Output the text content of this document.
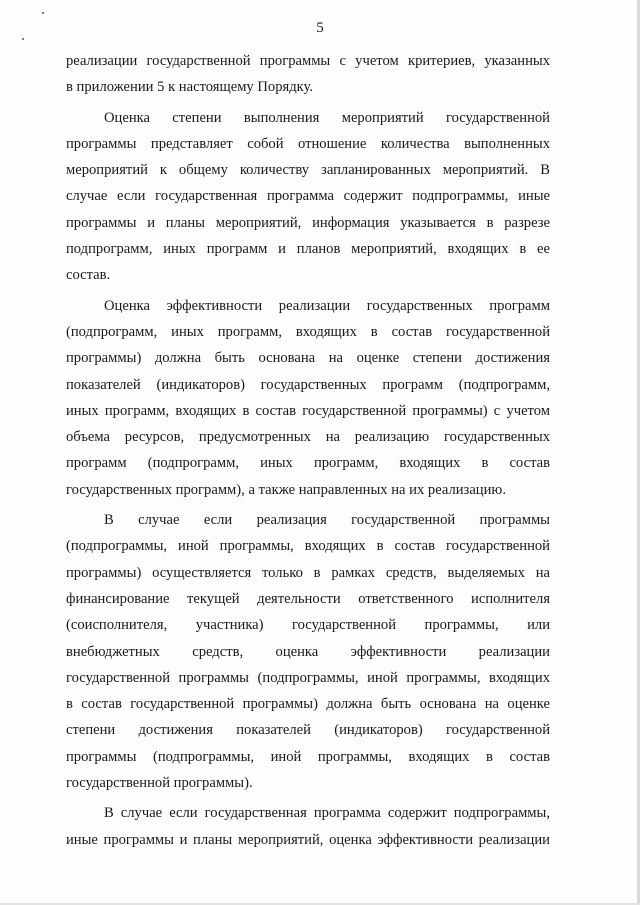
5
реализации государственной программы с учетом критериев, указанных
в приложении 5 к настоящему Порядку.
Оценка степени выполнения мероприятий государственной
программы представляет собой отношение количества выполненных
мероприятий к общему количеству запланированных мероприятий. В
случае если государственная программа содержит подпрограммы, иные
программы и планы мероприятий, информация указывается в разрезе
подпрограмм, иных программ и планов мероприятий, входящих в ее
состав.
Оценка эффективности реализации государственных программ
(подпрограмм, иных программ, входящих в состав государственной
программы) должна быть основана на оценке степени достижения
показателей (индикаторов) государственных программ (подпрограмм,
иных программ, входящих в состав государственной программы) с учетом
объема ресурсов, предусмотренных на реализацию государственных
программ (подпрограмм, иных программ, входящих в состав
государственных программ), а также направленных на их реализацию.
В случае если реализация государственной программы
(подпрограммы, иной программы, входящих в состав государственной
программы) осуществляется только в рамках средств, выделяемых на
финансирование текущей деятельности ответственного исполнителя
(соисполнителя, участника) государственной программы, или
внебюджетных средств, оценка эффективности реализации
государственной программы (подпрограммы, иной программы, входящих
в состав государственной программы) должна быть основана на оценке
степени достижения показателей (индикаторов) государственной
программы (подпрограммы, иной программы, входящих в состав
государственной программы).
В случае если государственная программа содержит подпрограммы,
иные программы и планы мероприятий, оценка эффективности реализации
